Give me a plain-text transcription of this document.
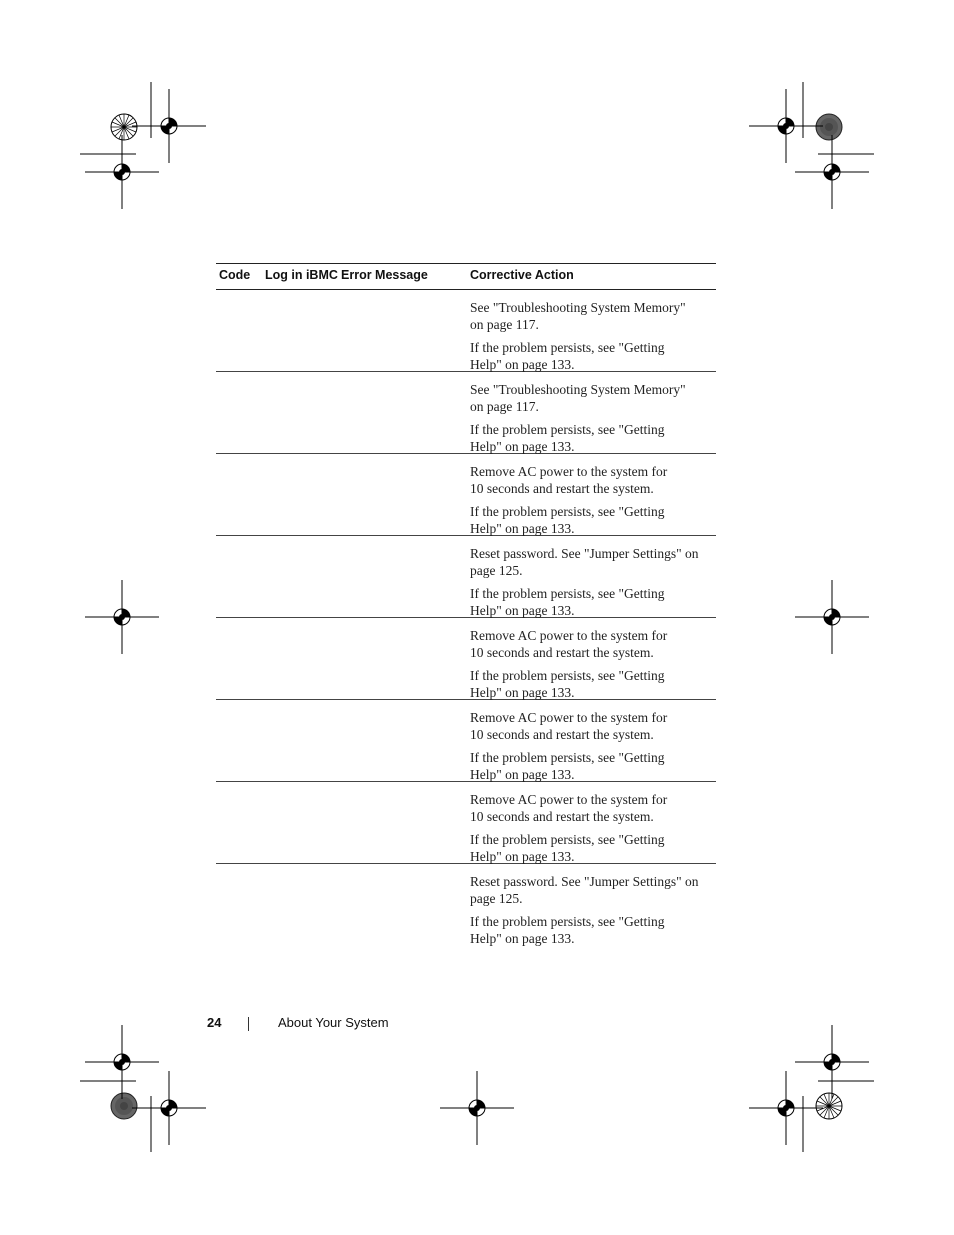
Code Log in iBMC Error Message	Corrective Action

See "Troubleshooting System Memory"
on page 117.

If the problem persists, see "Getting
Help" on page 133.

See "Troubleshooting System Memory"
on page 117.

If the problem persists, see "Getting
Help" on page 133.

Remove AC power to the system for
10 seconds and restart the system.

If the problem persists, see "Getting
Help" on page 133.

Reset password. See "Jumper Settings" on
page 125.

If the problem persists, see "Getting
Help" on page 133.

Remove AC power to the system for
10 seconds and restart the system.

If the problem persists, see "Getting
Help" on page 133.

Remove AC power to the system for
10 seconds and restart the system.

If the problem persists, see "Getting
Help" on page 133.

Remove AC power to the system for
10 seconds and restart the system.

If the problem persists, see "Getting
Help" on page 133.

Reset password. See "Jumper Settings" on
page 125.

If the problem persists, see "Getting
Help" on page 133.

24	About Your System
